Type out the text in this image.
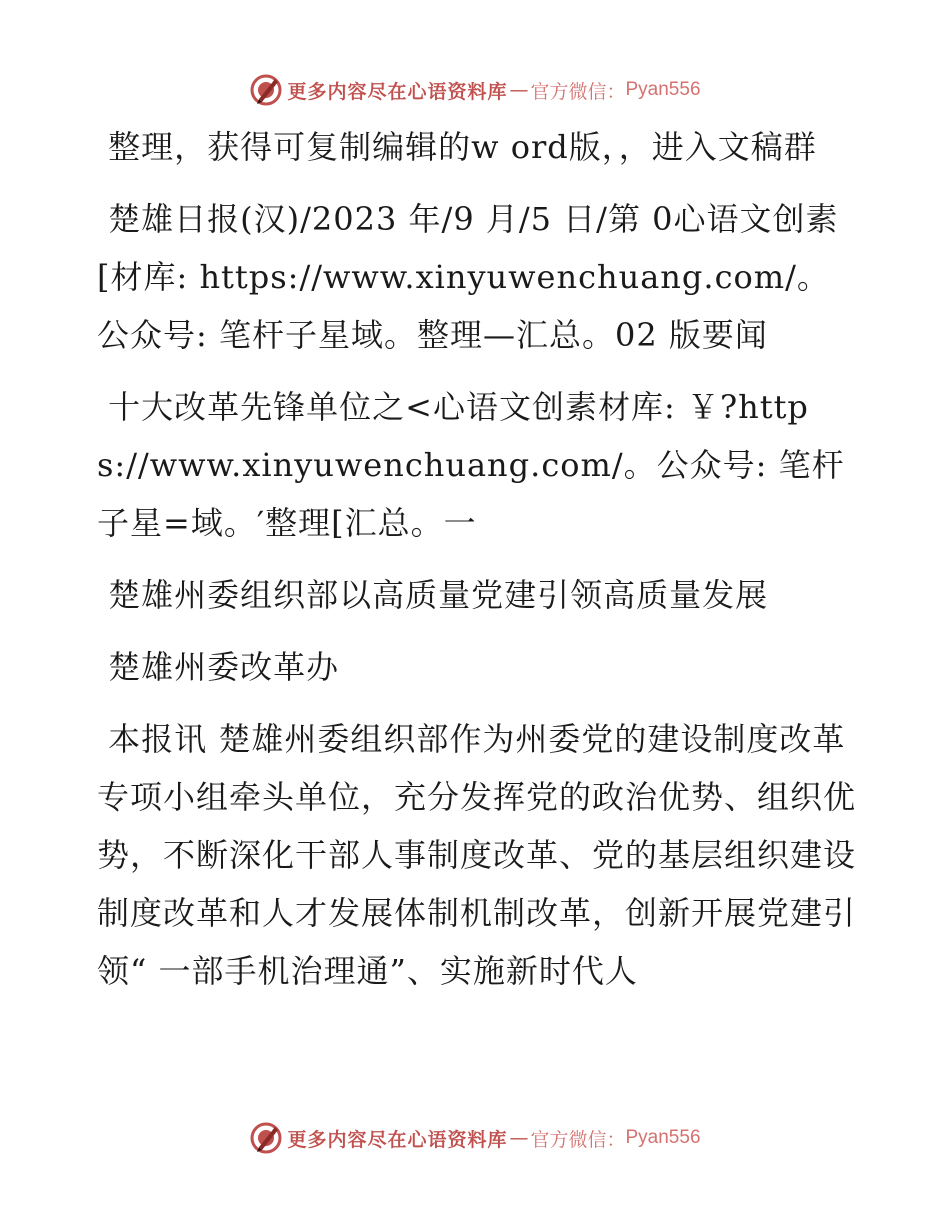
更多内容尽在心语资料库 — 官方微信： Pyan556

整理，获得可复制编辑的w ord版，，进入文稿群

楚雄日报(汉)/2023 年/9 月/5 日/第 0心语文创素[材库: https://www.xinyuwenchuang.com/。公众号: 笔杆子星域。整理—汇总。02 版要闻

十大改革先锋单位之<心语文创素材库: ￥?https://www.xinyuwenchuang.com/。公众号: 笔杆子星=域。′整理[汇总。一

楚雄州委组织部以高质量党建引领高质量发展

楚雄州委改革办

本报讯 楚雄州委组织部作为州委党的建设制度改革专项小组牵头单位，充分发挥党的政治优势、组织优势，不断深化干部人事制度改革、党的基层组织建设制度改革和人才发展体制机制改革，创新开展党建引领“ 一部手机治理通”、实施新时代人

更多内容尽在心语资料库 — 官方微信： Pyan556
